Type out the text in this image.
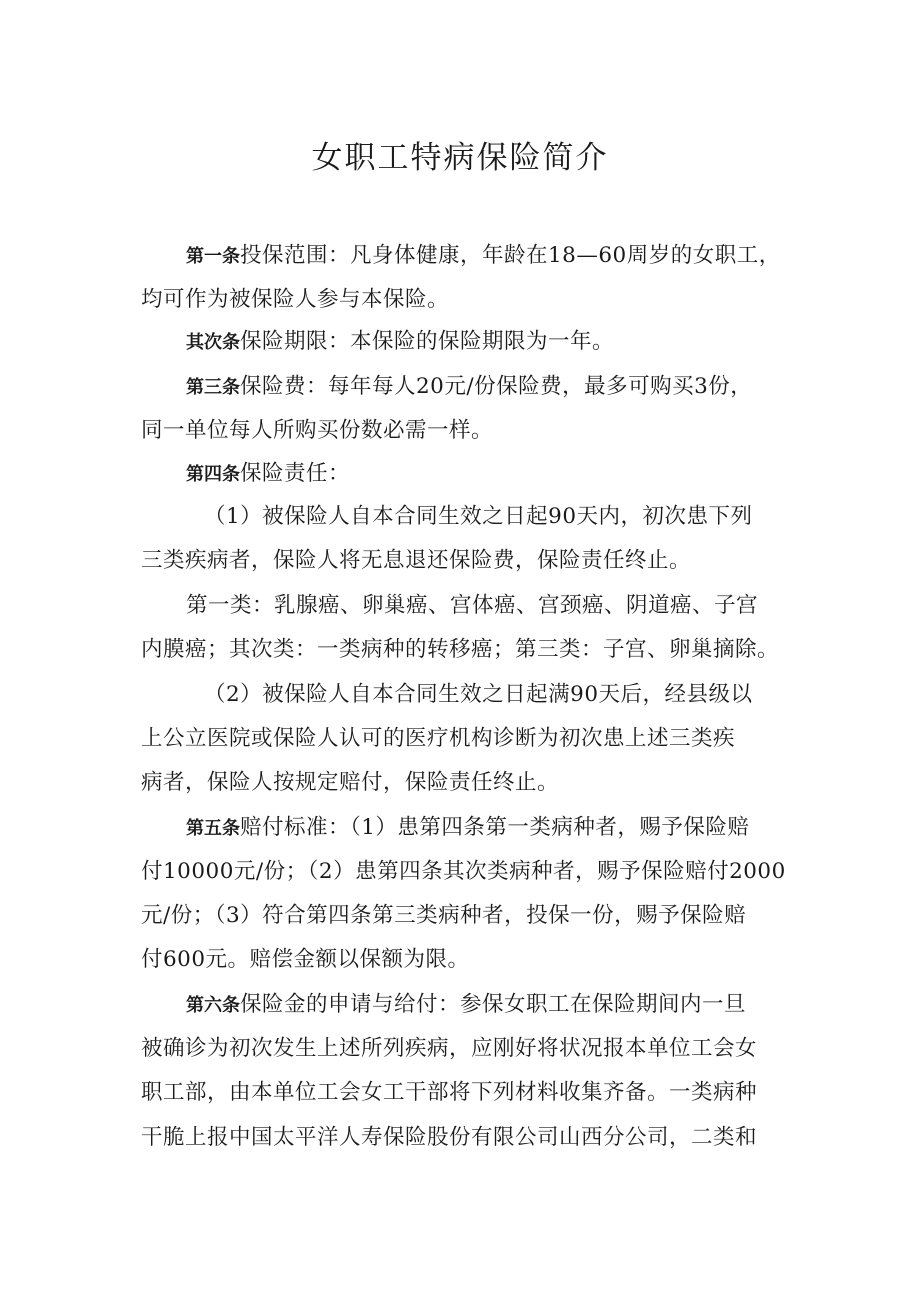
女职工特病保险简介
第一条投保范围：凡身体健康，年龄在18—60周岁的女职工，
均可作为被保险人参与本保险。
其次条保险期限：本保险的保险期限为一年。
第三条保险费：每年每人20元/份保险费，最多可购买3份，
同一单位每人所购买份数必需一样。
第四条保险责任：
（1）被保险人自本合同生效之日起90天内，初次患下列
三类疾病者，保险人将无息退还保险费，保险责任终止。
第一类：乳腺癌、卵巢癌、宫体癌、宫颈癌、阴道癌、子宫
内膜癌；其次类：一类病种的转移癌；第三类：子宫、卵巢摘除。
（2）被保险人自本合同生效之日起满90天后，经县级以
上公立医院或保险人认可的医疗机构诊断为初次患上述三类疾
病者，保险人按规定赔付，保险责任终止。
第五条赔付标准：（1）患第四条第一类病种者，赐予保险赔
付10000元/份；（2）患第四条其次类病种者，赐予保险赔付2000
元/份；（3）符合第四条第三类病种者，投保一份，赐予保险赔
付600元。赔偿金额以保额为限。
第六条保险金的申请与给付：参保女职工在保险期间内一旦
被确诊为初次发生上述所列疾病，应刚好将状况报本单位工会女
职工部，由本单位工会女工干部将下列材料收集齐备。一类病种
干脆上报中国太平洋人寿保险股份有限公司山西分公司，二类和
